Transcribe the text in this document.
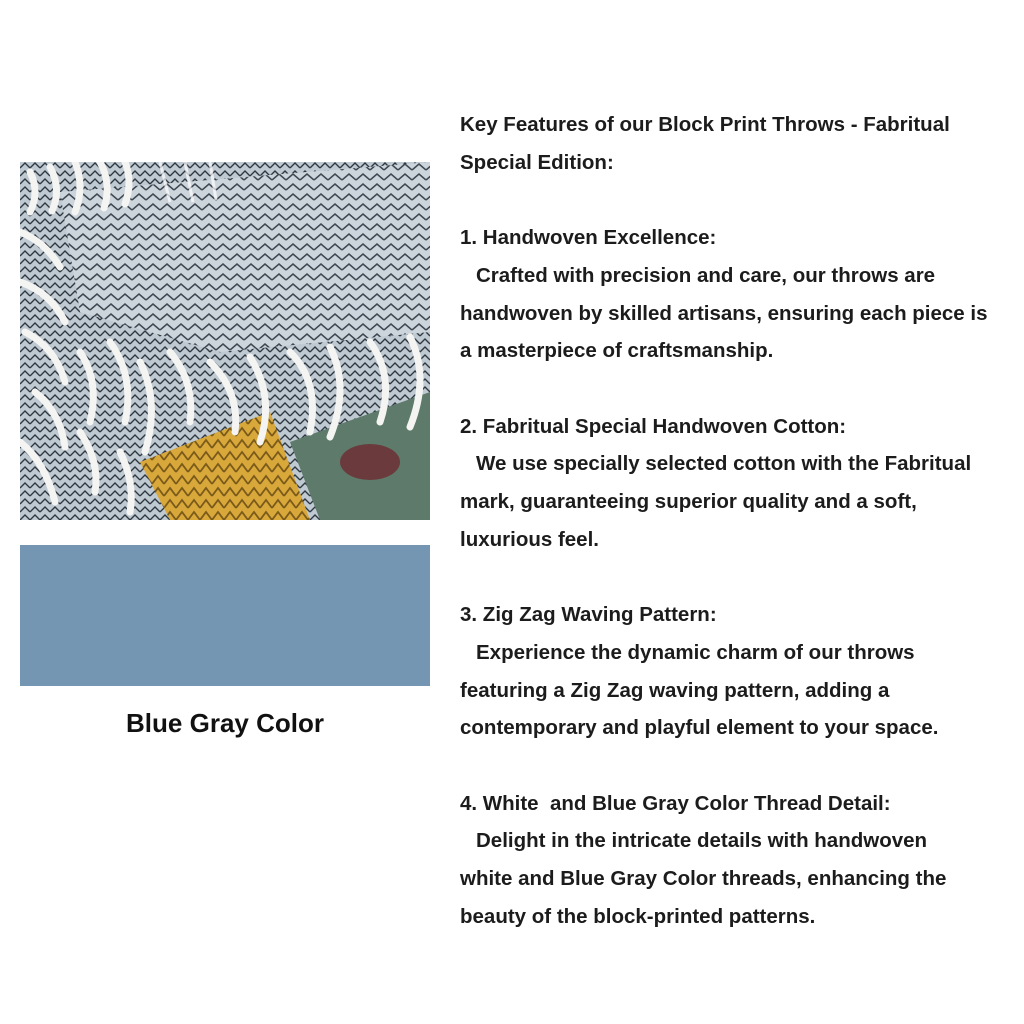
Blue Gray Color

Key Features of our Block Print Throws - Fabritual

Special Edition:

1. Handwoven Excellence:

Crafted with precision and care, our throws are

handwoven by skilled artisans, ensuring each piece is

a masterpiece of craftsmanship.

2. Fabritual Special Handwoven Cotton:

We use specially selected cotton with the Fabritual

mark, guaranteeing superior quality and a soft,

luxurious feel.

3. Zig Zag Waving Pattern:

Experience the dynamic charm of our throws

featuring a Zig Zag waving pattern, adding a

contemporary and playful element to your space.

4. White  and Blue Gray Color Thread Detail:

Delight in the intricate details with handwoven

white and Blue Gray Color threads, enhancing the

beauty of the block-printed patterns.
